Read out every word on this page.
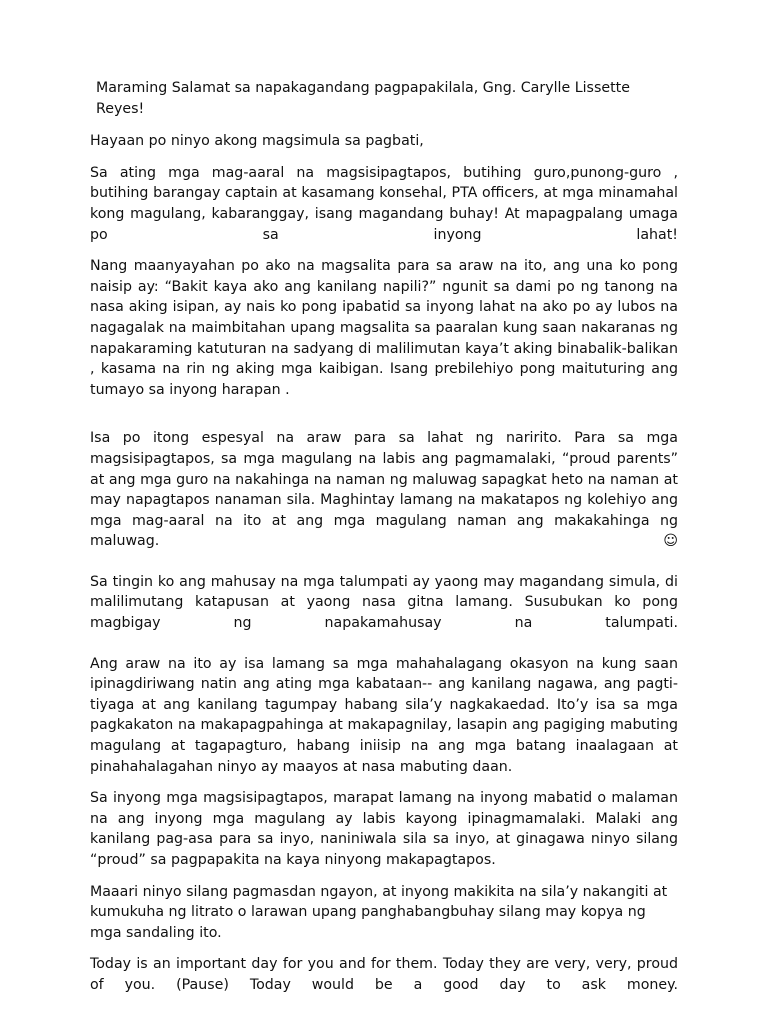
Maraming Salamat sa napakagandang pagpapakilala, Gng. Carylle Lissette Reyes!

Hayaan po ninyo akong magsimula sa pagbati,

Sa ating mga mag-aaral na magsisipagtapos, butihing guro,punong-guro , butihing barangay captain at kasamang konsehal, PTA officers, at mga minamahal kong magulang, kabaranggay, isang magandang buhay! At mapagpalang umaga po sa inyong lahat!

Nang maanyayahan po ako na magsalita para sa araw na ito, ang una ko pong naisip ay: “Bakit kaya ako ang kanilang napili?” ngunit sa dami po ng tanong na nasa aking isipan, ay nais ko pong ipabatid sa inyong lahat na ako po ay lubos na nagagalak na maimbitahan upang magsalita sa paaralan kung saan nakaranas ng napakaraming katuturan na sadyang di malilimutan kaya’t aking binabalik-balikan , kasama na rin ng aking mga kaibigan. Isang prebilehiyo pong maituturing ang tumayo sa inyong harapan .

Isa po itong espesyal na araw para sa lahat ng naririto. Para sa mga magsisipagtapos, sa mga magulang na labis ang pagmamalaki, “proud parents” at ang mga guro na nakahinga na naman ng maluwag sapagkat heto na naman at may napagtapos nanaman sila. Maghintay lamang na makatapos ng kolehiyo ang mga mag-aaral na ito at ang mga magulang naman ang makakahinga ng maluwag. ☺

Sa tingin ko ang mahusay na mga talumpati ay yaong may magandang simula, di malilimutang katapusan at yaong nasa gitna lamang. Susubukan ko pong magbigay ng napakamahusay na talumpati.

Ang araw na ito ay isa lamang sa mga mahahalagang okasyon na kung saan ipinagdiriwang natin ang ating mga kabataan-- ang kanilang nagawa, ang pagti-tiyaga at ang kanilang tagumpay habang sila’y nagkakaedad. Ito’y isa sa mga pagkakaton na makapagpahinga at makapagnilay, lasapin ang pagiging mabuting magulang at tagapagturo, habang iniisip na ang mga batang inaalagaan at pinahahalagahan ninyo ay maayos at nasa mabuting daan.

Sa inyong mga magsisipagtapos, marapat lamang na inyong mabatid o malaman na ang inyong mga magulang ay labis kayong ipinagmamalaki. Malaki ang kanilang pag-asa para sa inyo, naniniwala sila sa inyo, at ginagawa ninyo silang “proud” sa pagpapakita na kaya ninyong makapagtapos.

Maaari ninyo silang pagmasdan ngayon, at inyong makikita na sila’y nakangiti at kumukuha ng litrato o larawan upang panghabangbuhay silang may kopya ng mga sandaling ito.

Today is an important day for you and for them. Today they are very, very, proud of you. (Pause) Today would be a good day to ask money.
